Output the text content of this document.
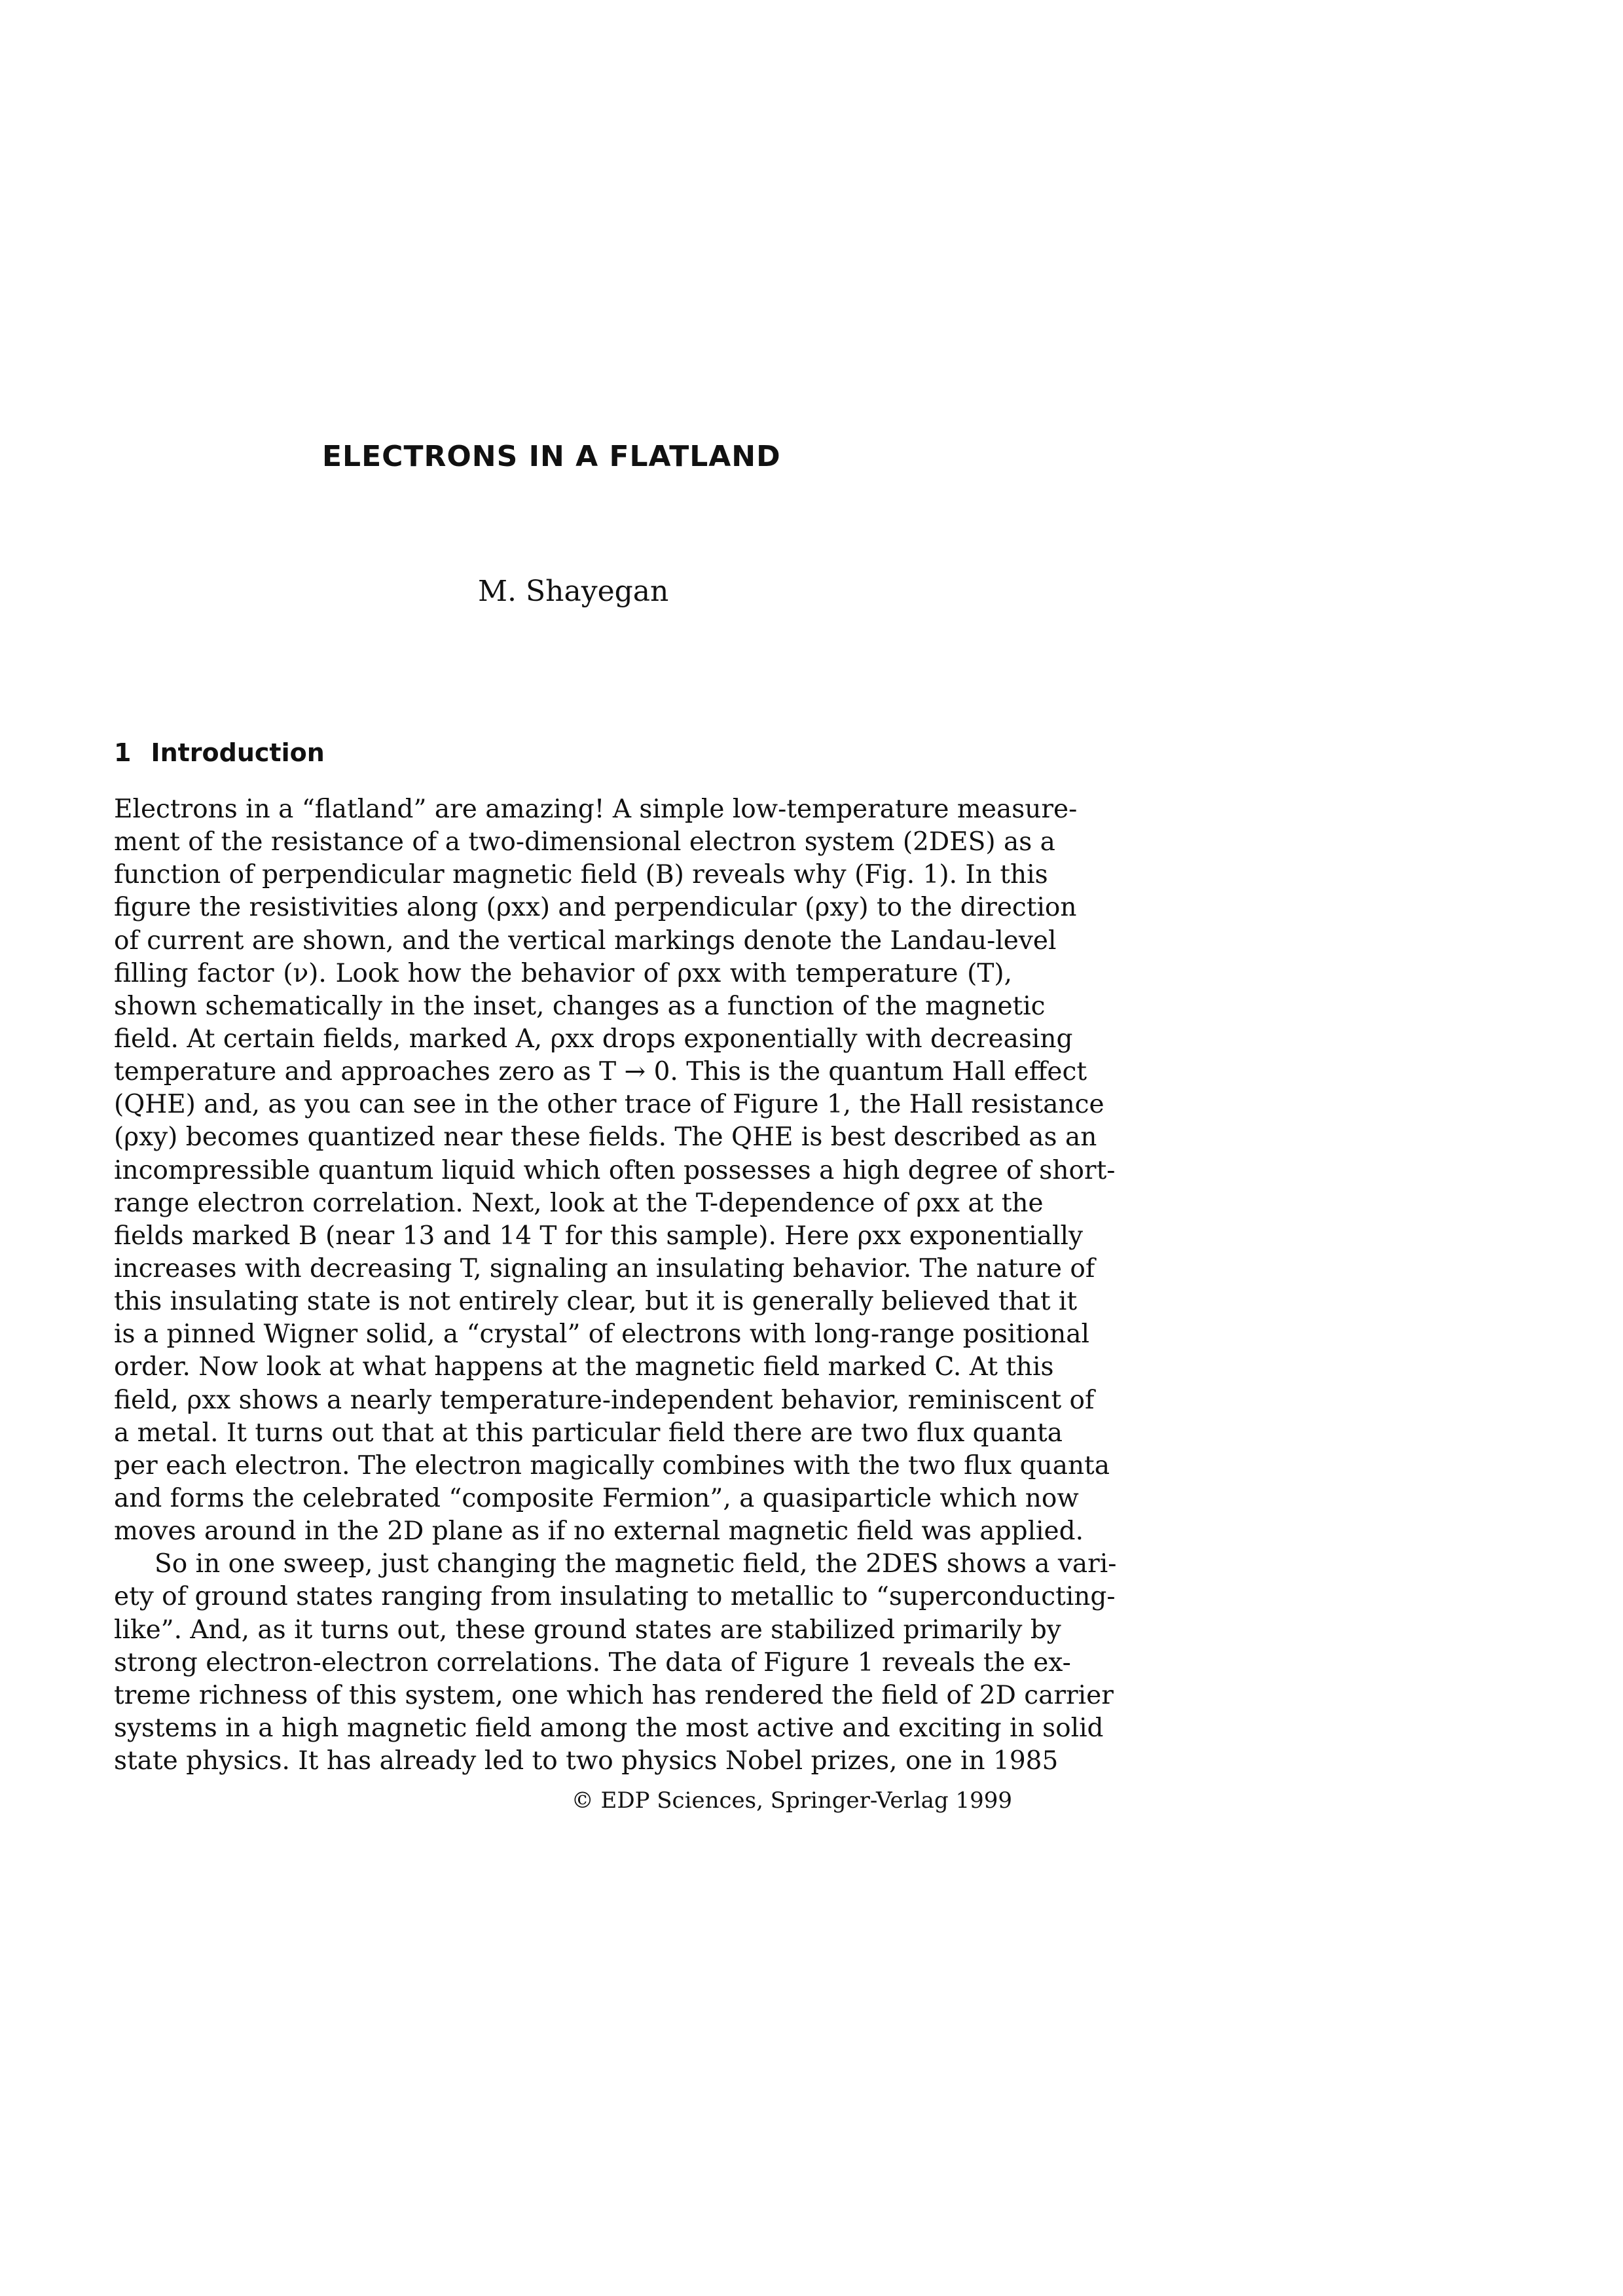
ELECTRONS IN A FLATLAND
M. Shayegan
1 Introduction
Electrons in a “flatland” are amazing! A simple low-temperature measure-
ment of the resistance of a two-dimensional electron system (2DES) as a
function of perpendicular magnetic field (B) reveals why (Fig. 1). In this
figure the resistivities along (ρxx) and perpendicular (ρxy) to the direction
of current are shown, and the vertical markings denote the Landau-level
filling factor (ν). Look how the behavior of ρxx with temperature (T),
shown schematically in the inset, changes as a function of the magnetic
field. At certain fields, marked A, ρxx drops exponentially with decreasing
temperature and approaches zero as T → 0. This is the quantum Hall effect
(QHE) and, as you can see in the other trace of Figure 1, the Hall resistance
(ρxy) becomes quantized near these fields. The QHE is best described as an
incompressible quantum liquid which often possesses a high degree of short-
range electron correlation. Next, look at the T-dependence of ρxx at the
fields marked B (near 13 and 14 T for this sample). Here ρxx exponentially
increases with decreasing T, signaling an insulating behavior. The nature of
this insulating state is not entirely clear, but it is generally believed that it
is a pinned Wigner solid, a “crystal” of electrons with long-range positional
order. Now look at what happens at the magnetic field marked C. At this
field, ρxx shows a nearly temperature-independent behavior, reminiscent of
a metal. It turns out that at this particular field there are two flux quanta
per each electron. The electron magically combines with the two flux quanta
and forms the celebrated “composite Fermion”, a quasiparticle which now
moves around in the 2D plane as if no external magnetic field was applied.
So in one sweep, just changing the magnetic field, the 2DES shows a vari-
ety of ground states ranging from insulating to metallic to “superconducting-
like”. And, as it turns out, these ground states are stabilized primarily by
strong electron-electron correlations. The data of Figure 1 reveals the ex-
treme richness of this system, one which has rendered the field of 2D carrier
systems in a high magnetic field among the most active and exciting in solid
state physics. It has already led to two physics Nobel prizes, one in 1985
© EDP Sciences, Springer-Verlag 1999
